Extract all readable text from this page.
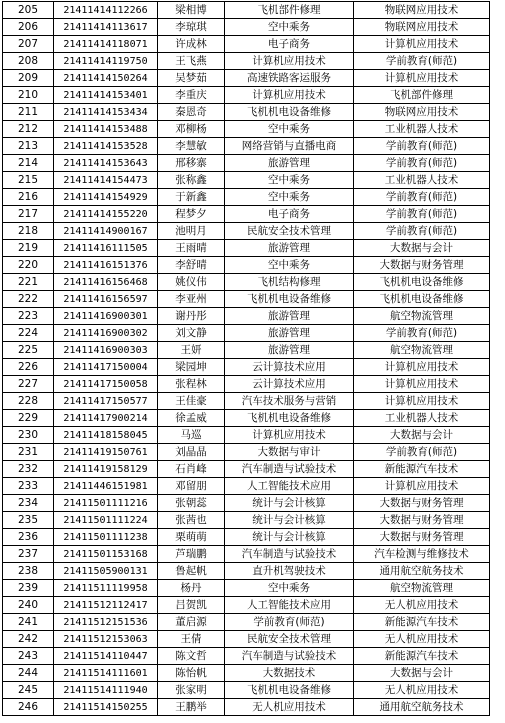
205	21411414112266	梁相博	飞机部件修理	物联网应用技术
206	21411414113617	李琼琪	空中乘务	物联网应用技术
207	21411414118071	许成林	电子商务	计算机应用技术
208	21411414119750	王飞燕	计算机应用技术	学前教育(师范)
209	21411414150264	吴梦茹	高速铁路客运服务	计算机应用技术
210	21411414153401	李重庆	计算机应用技术	飞机部件修理
211	21411414153434	秦恩奇	飞机机电设备维修	物联网应用技术
212	21411414153488	邓柳杨	空中乘务	工业机器人技术
213	21411414153528	李慧敏	网络营销与直播电商	学前教育(师范)
214	21411414153643	邢移寨	旅游管理	学前教育(师范)
215	21411414154473	张称鑫	空中乘务	工业机器人技术
216	21411414154929	于新鑫	空中乘务	学前教育(师范)
217	21411414155220	程梦夕	电子商务	学前教育(师范)
218	21411414900167	池明月	民航安全技术管理	学前教育(师范)
219	21411416111505	王雨晴	旅游管理	大数据与会计
220	21411416151376	李舒晴	空中乘务	大数据与财务管理
221	21411416156468	姚仪伟	飞机结构修理	飞机机电设备维修
222	21411416156597	李亚州	飞机机电设备维修	飞机机电设备维修
223	21411416900301	谢丹彤	旅游管理	航空物流管理
224	21411416900302	刘文静	旅游管理	学前教育(师范)
225	21411416900303	王妍	旅游管理	航空物流管理
226	21411417150004	梁园坤	云计算技术应用	计算机应用技术
227	21411417150058	张程林	云计算技术应用	计算机应用技术
228	21411417150577	王佳豪	汽车技术服务与营销	计算机应用技术
229	21411417900214	徐孟威	飞机机电设备维修	工业机器人技术
230	21411418158045	马巡	计算机应用技术	大数据与会计
231	21411419150761	刘晶晶	大数据与审计	学前教育(师范)
232	21411419158129	石肖峰	汽车制造与试验技术	新能源汽车技术
233	21411446151981	邓留朋	人工智能技术应用	计算机应用技术
234	21411501111216	张朝蕊	统计与会计核算	大数据与财务管理
235	21411501111224	张茜也	统计与会计核算	大数据与财务管理
236	21411501111238	栗萌萌	统计与会计核算	大数据与财务管理
237	21411501153168	芦瑞鹏	汽车制造与试验技术	汽车检测与维修技术
238	21411505900131	鲁起帆	直升机驾驶技术	通用航空航务技术
239	21411511119958	杨丹	空中乘务	航空物流管理
240	21411512112417	吕贺凯	人工智能技术应用	无人机应用技术
241	21411512151536	董启源	学前教育(师范)	新能源汽车技术
242	21411512153063	王倩	民航安全技术管理	无人机应用技术
243	21411514110447	陈文哲	汽车制造与试验技术	新能源汽车技术
244	21411514111601	陈怡帆	大数据技术	大数据与会计
245	21411514111940	张家明	飞机机电设备维修	无人机应用技术
246	21411514150255	王鹏举	无人机应用技术	通用航空航务技术
